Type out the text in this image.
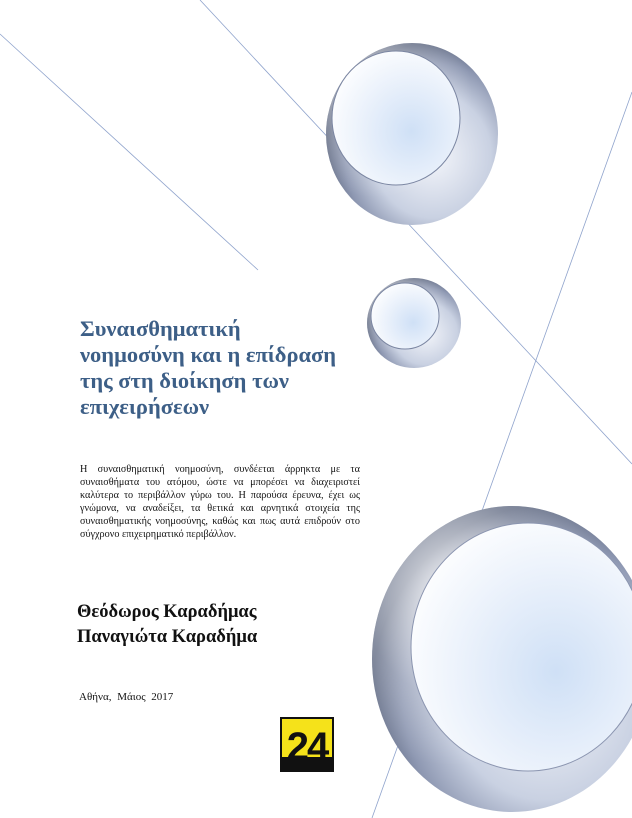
Συναισθηματική
νοημοσύνη και η επίδραση
της στη διοίκηση των
επιχειρήσεων

Η συναισθηματική νοημοσύνη, συνδέεται άρρηκτα με τα συναισθήματα του ατόμου, ώστε να μπορέσει να διαχειριστεί καλύτερα το περιβάλλον γύρω του. Η παρούσα έρευνα, έχει ως γνώμονα, να αναδείξει, τα θετικά και αρνητικά στοιχεία της συναισθηματικής νοημοσύνης, καθώς και πως αυτά επιδρούν στο σύγχρονο επιχειρηματικό περιβάλλον.

Θεόδωρος Καραδήμας
Παναγιώτα Καραδήμα

Αθήνα, Μάιος 2017

24
